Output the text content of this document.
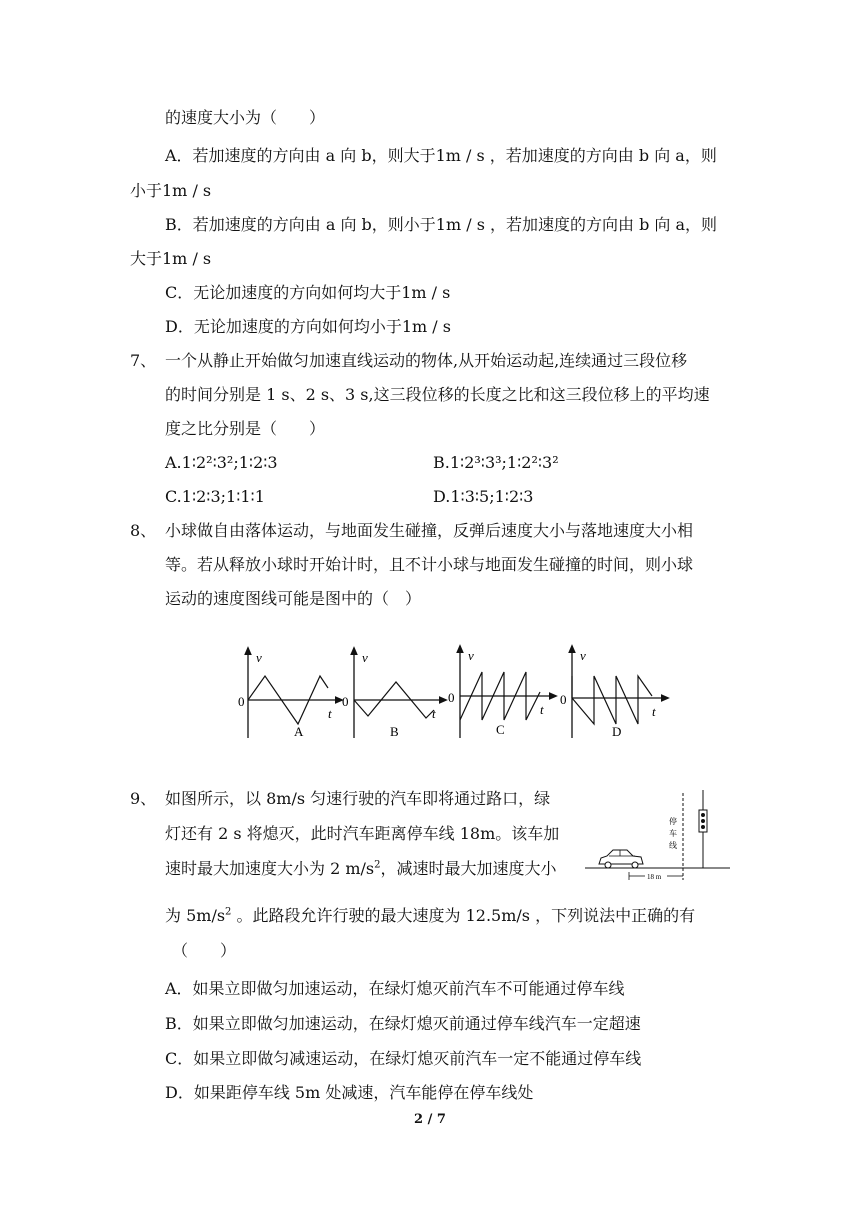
的速度大小为（　　）
A．若加速度的方向由 a 向 b，则大于1m / s ，若加速度的方向由 b 向 a，则
小于1m / s
B．若加速度的方向由 a 向 b，则小于1m / s ，若加速度的方向由 b 向 a，则
大于1m / s
C．无论加速度的方向如何均大于1m / s
D．无论加速度的方向如何均小于1m / s
7、 一个从静止开始做匀加速直线运动的物体,从开始运动起,连续通过三段位移
的时间分别是 1 s、2 s、3 s,这三段位移的长度之比和这三段位移上的平均速
度之比分别是（　　）
A.1∶2²∶3²;1∶2∶3	B.1∶2³∶3³;1∶2²∶3²
C.1∶2∶3;1∶1∶1	D.1∶3∶5;1∶2∶3
8、 小球做自由落体运动，与地面发生碰撞，反弹后速度大小与落地速度大小相
等。若从释放小球时开始计时，且不计小球与地面发生碰撞的时间，则小球
运动的速度图线可能是图中的（　）
v
0
t
A
v
0
t
B
v
0
t
C
v
0
t
D
9、 如图所示，以 8m/s 匀速行驶的汽车即将通过路口，绿
灯还有 2 s 将熄灭，此时汽车距离停车线 18m。该车加
速时最大加速度大小为 2 $m/s^2$，减速时最大加速度大小
为 $5m/s^2$ 。此路段允许行驶的最大速度为 12.5m/s ，下列说法中正确的有
（　　）
A．如果立即做匀加速运动，在绿灯熄灭前汽车不可能通过停车线
B．如果立即做匀加速运动，在绿灯熄灭前通过停车线汽车一定超速
C．如果立即做匀减速运动，在绿灯熄灭前汽车一定不能通过停车线
D．如果距停车线 5m 处减速，汽车能停在停车线处
停
车
线
18 m
2 / 7
